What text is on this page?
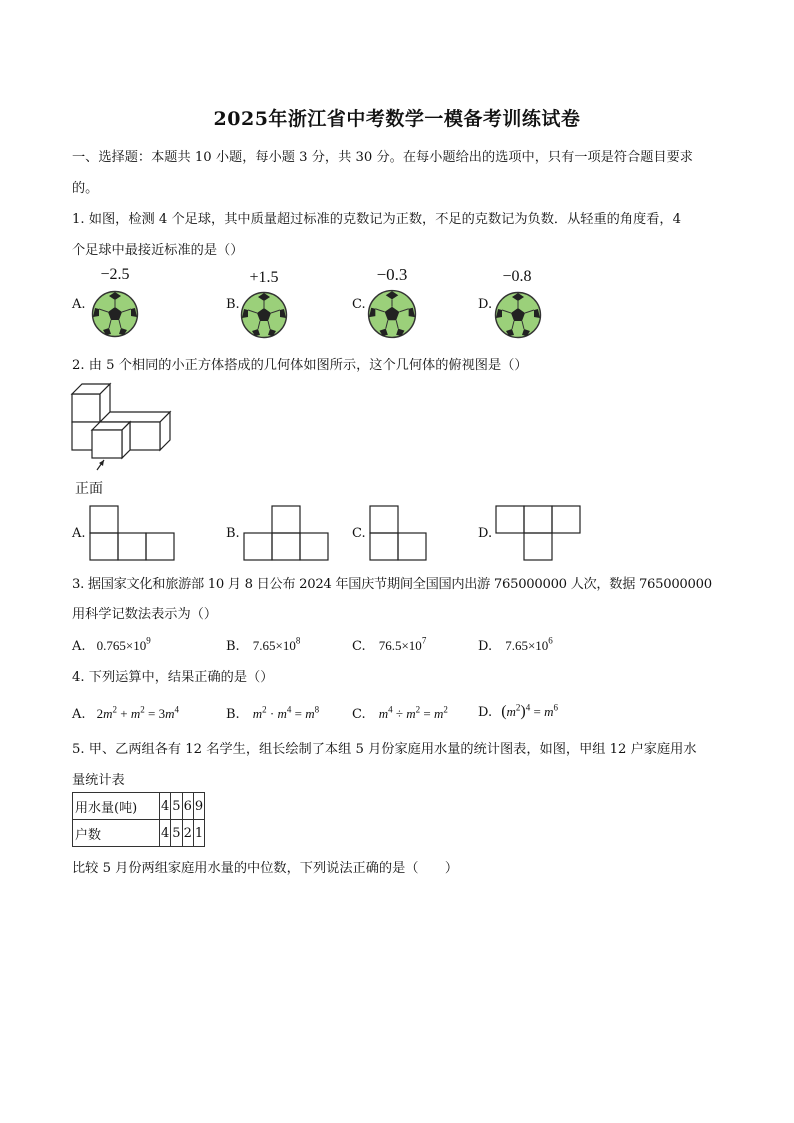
2025年浙江省中考数学一模备考训练试卷
一、选择题：本题共 10 小题，每小题 3 分，共 30 分。在每小题给出的选项中，只有一项是符合题目要求
的。
1. 如图，检测 4 个足球，其中质量超过标准的克数记为正数，不足的克数记为负数．从轻重的角度看，4
个足球中最接近标准的是（）
A.
−2.5
B.
+1.5
C.
−0.3
D.
−0.8
2. 由 5 个相同的小正方体搭成的几何体如图所示，这个几何体的俯视图是（）
正面
A.	B.	C.	D.
3. 据国家文化和旅游部 10 月 8 日公布 2024 年国庆节期间全国国内出游 765000000 人次，数据 765000000
用科学记数法表示为（）
A. $0.765\times 10^9$	B. $7.65\times 10^8$	C. $76.5\times 10^7$	D. $7.65\times 10^6$
4. 下列运算中，结果正确的是（）
A. $2m^2 + m^2 = 3m^4$	B. $m^2 \cdot m^4 = m^8$	C. $m^4 \div m^2 = m^2$ D. $(m^2)^4 = m^6$
5. 甲、乙两组各有 12 名学生，组长绘制了本组 5 月份家庭用水量的统计图表，如图，甲组 12 户家庭用水
量统计表
用水量(吨)	4	5	6	9
户数	4	5	2	1
比较 5 月份两组家庭用水量的中位数，下列说法正确的是（　　）
